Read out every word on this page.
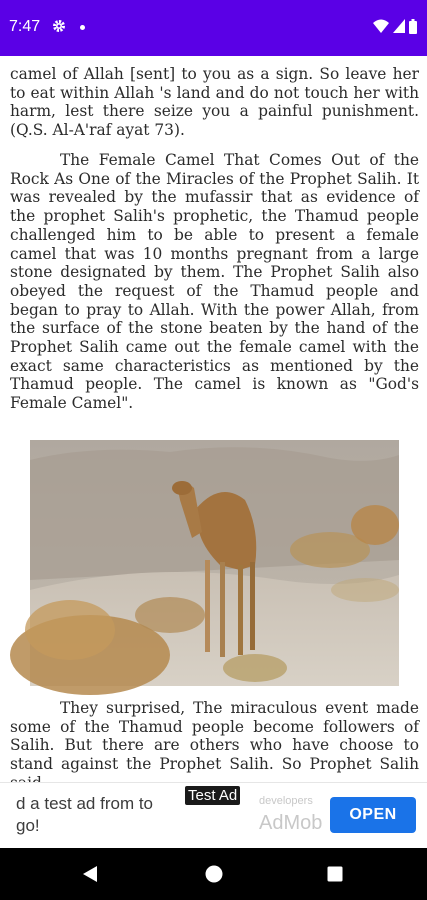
7:47

camel of Allah [sent] to you as a sign. So leave her to eat within Allah 's land and do not touch her with harm, lest there seize you a painful punishment. (Q.S. Al-A'raf ayat 73).

The Female Camel That Comes Out of the Rock As One of the Miracles of the Prophet Salih. It was revealed by the mufassir that as evidence of the prophet Salih's prophetic, the Thamud people challenged him to be able to present a female camel that was 10 months pregnant from a large stone designated by them. The Prophet Salih also obeyed the request of the Thamud people and began to pray to Allah. With the power Allah, from the surface of the stone beaten by the hand of the Prophet Salih came out the female camel with the exact same characteristics as mentioned by the Thamud people. The camel is known as "God's Female Camel".

They surprised, The miraculous event made some of the Thamud people become followers of Salih. But there are others who have choose to stand against the Prophet Salih. So Prophet Salih

d a test ad from to go!
Test Ad developers
AdMob	OPEN
